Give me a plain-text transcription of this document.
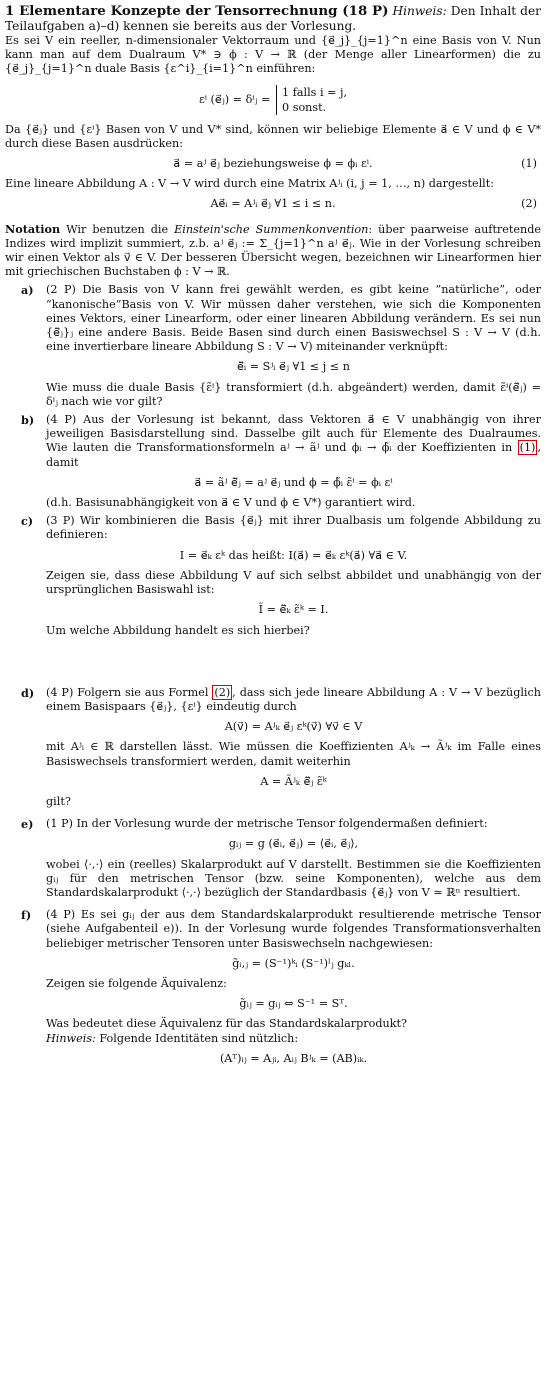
1 Elementare Konzepte der Tensorrechnung (18 P) Hinweis: Den Inhalt der Teilaufgaben a)–d) kennen sie bereits aus der Vorlesung.

Es sei V ein reeller, n-dimensionaler Vektorraum und {e⃗_j}_{j=1}^n eine Basis von V. Nun kann man auf dem Dualraum V* ∋ ϕ : V → ℝ (der Menge aller Linearformen) die zu {e⃗_j}_{j=1}^n duale Basis {ε^i}_{i=1}^n einführen:

εⁱ (e⃗ⱼ) = δⁱⱼ = 1 falls i = j,
0 sonst.

Da {e⃗ⱼ} und {εⁱ} Basen von V und V* sind, können wir beliebige Elemente a⃗ ∈ V und ϕ ∈ V* durch diese Basen ausdrücken:

a⃗ = aʲ e⃗ⱼ beziehungsweise ϕ = ϕᵢ εⁱ.	(1)

Eine lineare Abbildung A : V → V wird durch eine Matrix Aʲᵢ (i, j = 1, …, n) dargestellt:

Ae⃗ᵢ = Aʲᵢ e⃗ⱼ ∀1 ≤ i ≤ n.	(2)

Notation Wir benutzen die Einstein'sche Summenkonvention: über paarweise auftretende Indizes wird implizit summiert, z.b. aʲ e⃗ⱼ := Σ_{j=1}^n aʲ e⃗ⱼ. Wie in der Vorlesung schreiben wir einen Vektor als v⃗ ∈ V. Der besseren Übersicht wegen, bezeichnen wir Linearformen hier mit griechischen Buchstaben ϕ : V → ℝ.

a) (2 P) Die Basis von V kann frei gewählt werden, es gibt keine ”natürliche”, oder ”kanonische”Basis von V. Wir müssen daher verstehen, wie sich die Komponenten eines Vektors, einer Linearform, oder einer linearen Abbildung verändern. Es sei nun {ẽ⃗ⱼ}ⱼ eine andere Basis. Beide Basen sind durch einen Basiswechsel S : V → V (d.h. eine invertierbare lineare Abbildung S : V → V) miteinander verknüpft:

ẽ⃗ᵢ = Sʲᵢ e⃗ⱼ ∀1 ≤ j ≤ n

Wie muss die duale Basis {ε̃ⁱ} transformiert (d.h. abgeändert) werden, damit ε̃ⁱ(ẽ⃗ⱼ) = δⁱⱼ nach wie vor gilt?

b) (4 P) Aus der Vorlesung ist bekannt, dass Vektoren a⃗ ∈ V unabhängig von ihrer jeweiligen Basisdarstellung sind. Dasselbe gilt auch für Elemente des Dualraumes. Wie lauten die Transformationsformeln aʲ → ãʲ und ϕᵢ → ϕ̃ᵢ der Koeffizienten in (1) , damit

a⃗ = ãʲ ẽ⃗ⱼ = aʲ e⃗ⱼ und ϕ = ϕ̃ᵢ ε̃ⁱ = ϕᵢ εⁱ

(d.h. Basisunabhängigkeit von a⃗ ∈ V und ϕ ∈ V*) garantiert wird.

c) (3 P) Wir kombinieren die Basis {e⃗ⱼ} mit ihrer Dualbasis um folgende Abbildung zu definieren:

I = e⃗ₖ εᵏ das heißt: I(a⃗) = e⃗ₖ εᵏ(a⃗) ∀a⃗ ∈ V.

Zeigen sie, dass diese Abbildung V auf sich selbst abbildet und unabhängig von der ursprünglichen Basiswahl ist:

Ĩ = ẽ⃗ₖ ε̃ᵏ = I.

Um welche Abbildung handelt es sich hierbei?

d) (4 P) Folgern sie aus Formel (2) , dass sich jede lineare Abbildung A : V → V bezüglich einem Basispaars {e⃗ⱼ}, {εⁱ} eindeutig durch

A(v⃗) = Aʲₖ e⃗ⱼ εᵏ(v⃗) ∀v⃗ ∈ V

mit Aʲᵢ ∈ ℝ darstellen lässt. Wie müssen die Koeffizienten Aʲₖ → Ãʲₖ im Falle eines Basiswechsels transformiert werden, damit weiterhin

A = Ãʲₖ ẽ⃗ⱼ ε̃ᵏ

gilt?

e) (1 P) In der Vorlesung wurde der metrische Tensor folgendermaßen definiert:

gᵢⱼ = g (e⃗ᵢ, e⃗ⱼ) = ⟨e⃗ᵢ, e⃗ⱼ⟩,

wobei ⟨·,·⟩ ein (reelles) Skalarprodukt auf V darstellt. Bestimmen sie die Koeffizienten gᵢⱼ für den metrischen Tensor (bzw. seine Komponenten), welche aus dem Standardskalarprodukt ⟨·,·⟩ bezüglich der Standardbasis {e⃗ⱼ} von V ≃ ℝⁿ resultiert.

f) (4 P) Es sei gᵢⱼ der aus dem Standardskalarprodukt resultierende metrische Tensor (siehe Aufgabenteil e)). In der Vorlesung wurde folgendes Transformationsverhalten beliebiger metrischer Tensoren unter Basiswechseln nachgewiesen:

g̃ᵢ,ⱼ = (S⁻¹)ᵏᵢ (S⁻¹)ˡⱼ gₖₗ.

Zeigen sie folgende Äquivalenz:

g̃ᵢⱼ = gᵢⱼ ⇔ S⁻¹ = Sᵀ.

Was bedeutet diese Äquivalenz für das Standardskalarprodukt?

Hinweis: Folgende Identitäten sind nützlich:

(Aᵀ)ᵢⱼ = Aⱼᵢ, Aᵢⱼ Bʲₖ = (AB)ᵢₖ.
